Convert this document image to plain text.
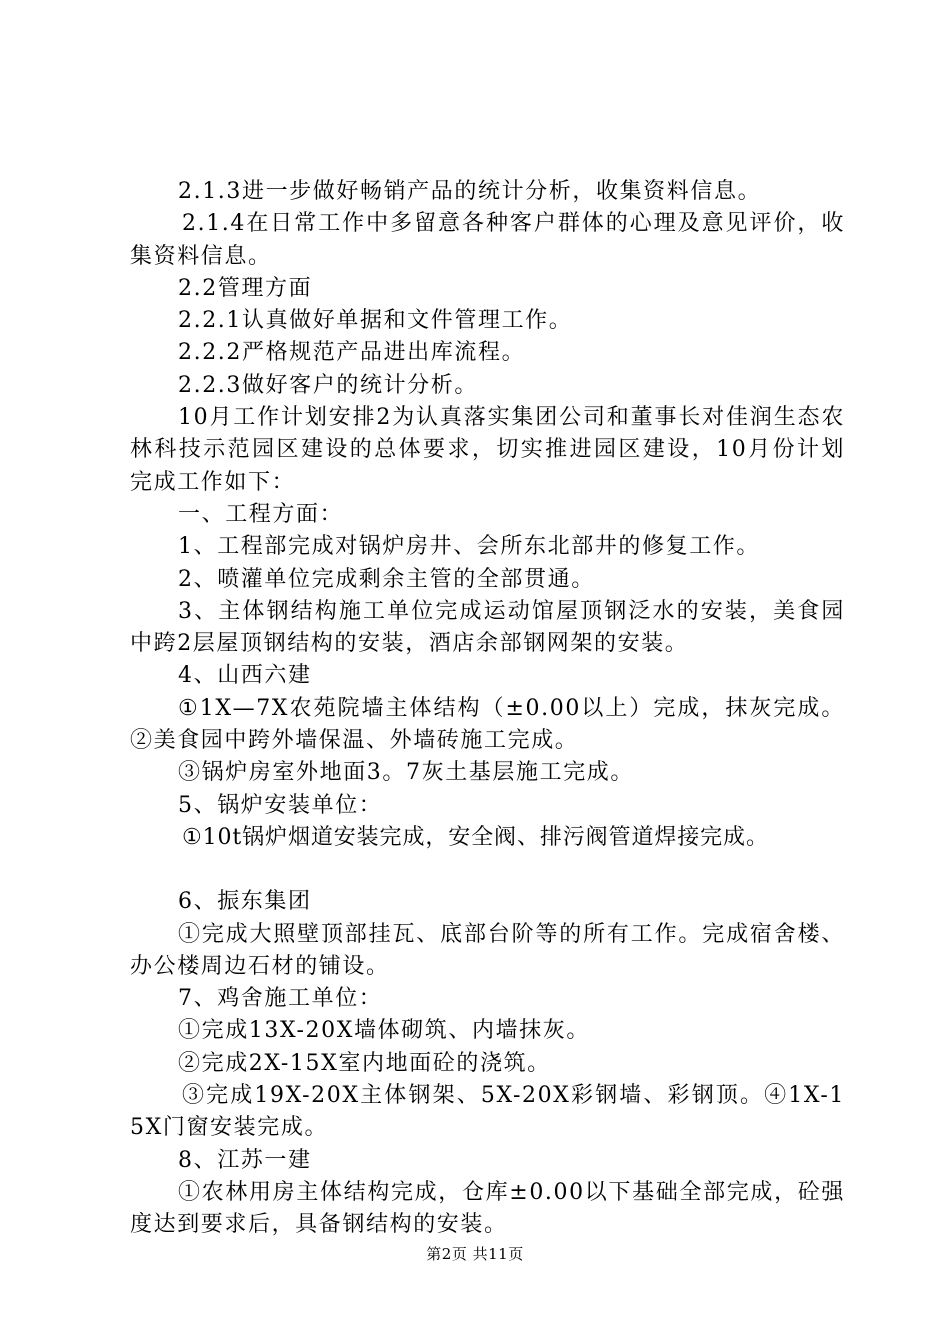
2.1.3进一步做好畅销产品的统计分析，收集资料信息。

2.1.4在日常工作中多留意各种客户群体的心理及意见评价，收集资料信息。

2.2管理方面

2.2.1认真做好单据和文件管理工作。

2.2.2严格规范产品进出库流程。

2.2.3做好客户的统计分析。

10月工作计划安排2为认真落实集团公司和董事长对佳润生态农林科技示范园区建设的总体要求，切实推进园区建设，10月份计划完成工作如下：

一、工程方面：

1、工程部完成对锅炉房井、会所东北部井的修复工作。

2、喷灌单位完成剩余主管的全部贯通。

3、主体钢结构施工单位完成运动馆屋顶钢泛水的安装，美食园中跨2层屋顶钢结构的安装，酒店余部钢网架的安装。

4、山西六建

①1X—7X农苑院墙主体结构（±0.00以上）完成，抹灰完成。②美食园中跨外墙保温、外墙砖施工完成。

③锅炉房室外地面3。7灰土基层施工完成。

5、锅炉安装单位：

①10t锅炉烟道安装完成，安全阀、排污阀管道焊接完成。

6、振东集团

①完成大照壁顶部挂瓦、底部台阶等的所有工作。完成宿舍楼、办公楼周边石材的铺设。

7、鸡舍施工单位：

①完成13X-20X墙体砌筑、内墙抹灰。

②完成2X-15X室内地面砼的浇筑。

③完成19X-20X主体钢架、5X-20X彩钢墙、彩钢顶。④1X-15X门窗安装完成。

8、江苏一建

①农林用房主体结构完成，仓库±0.00以下基础全部完成，砼强度达到要求后，具备钢结构的安装。

第2页 共11页
